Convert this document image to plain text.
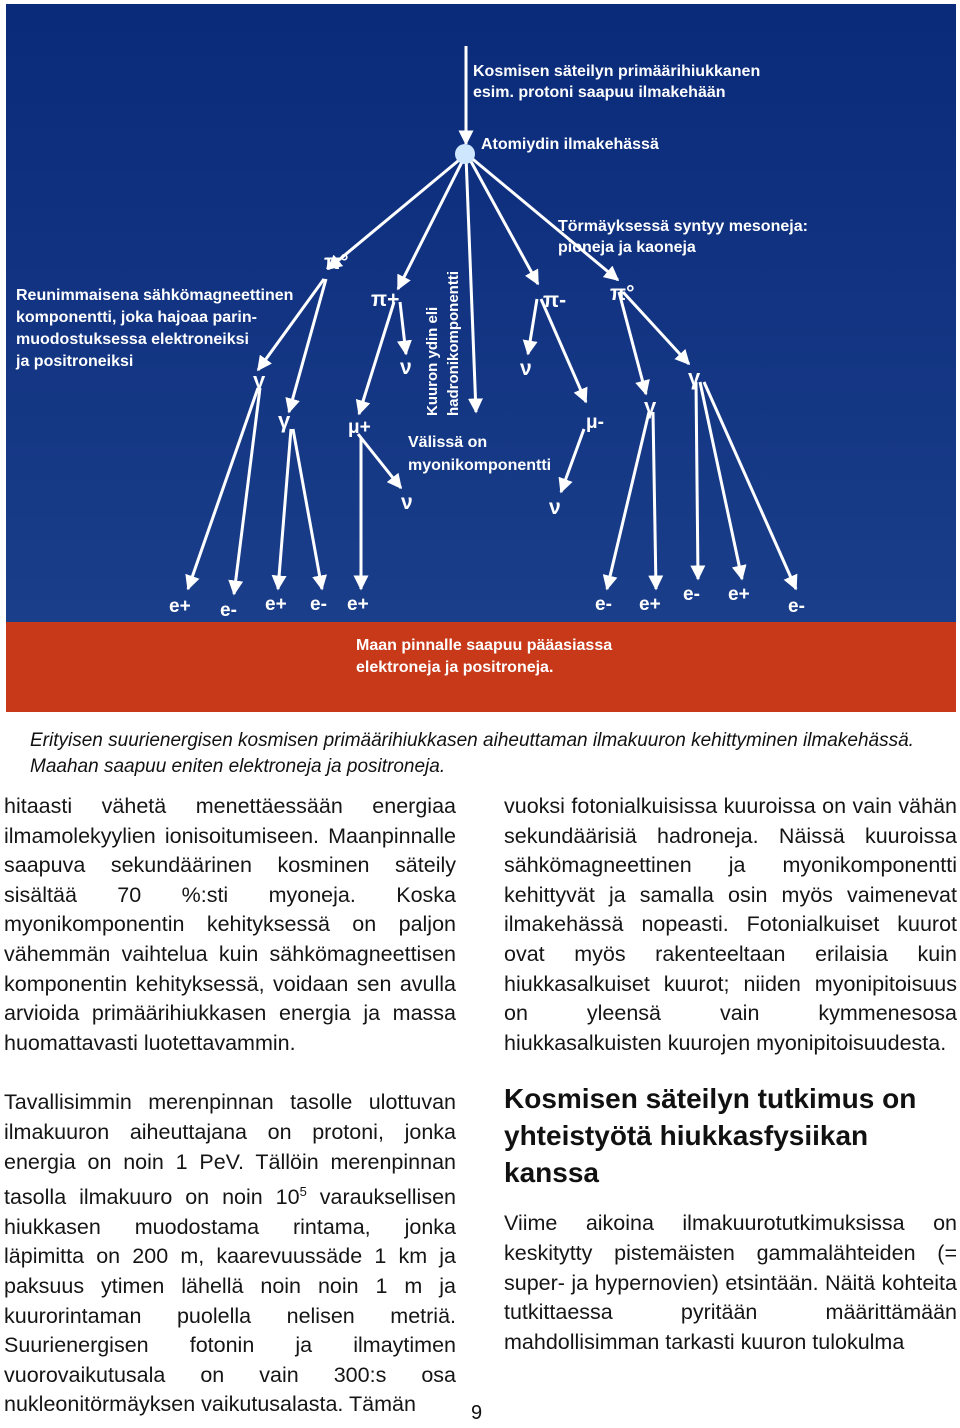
Kosmisen säteilyn primäärihiukkanen
esim. protoni saapuu ilmakehään
Atomiydin ilmakehässä
Törmäyksessä syntyy mesoneja:
pioneja ja kaoneja
Reunimmaisena sähkömagneettinen
komponentti, joka hajoaa parin-
muodostuksessa elektroneiksi
ja positroneiksi	Kuuron ydin eli hadronikomponentti
Välissä on
myonikomponentti
Maan pinnalle saapuu pääasiassa
elektroneja ja positroneja.
π°
π+	π- π°
γ
γ
γ
γ
μ+	μ-
ν
ν
ν
ν
e+ e- e+ e- e+	e- e+ e- e+
e-
Erityisen suurienergisen kosmisen primäärihiukkasen aiheuttaman ilmakuuron kehittyminen ilmakehässä. Maahan saapuu eniten elektroneja ja positroneja.

hitaasti vähetä menettäessään energiaa ilmamolekyylien ionisoitumiseen. Maanpinnalle saapuva sekundäärinen kosminen säteily sisältää 70 %:sti myoneja. Koska myonikomponentin kehityksessä on paljon vähemmän vaihtelua kuin sähkömagneettisen komponentin kehityksessä, voidaan sen avulla arvioida primäärihiukkasen energia ja massa huomattavasti luotettavammin.

Tavallisimmin merenpinnan tasolle ulottuvan ilmakuuron aiheuttajana on protoni, jonka energia on noin 1 PeV. Tällöin merenpinnan tasolla ilmakuuro on noin $10^5$ varauksellisen hiukkasen muodostama rintama, jonka läpimitta on 200 m, kaarevuussäde 1 km ja paksuus ytimen lähellä noin noin 1 m ja kuurorintaman puolella nelisen metriä. Suurienergisen fotonin ja ilmaytimen vuorovaikutusala on vain 300:s osa nukleonitörmäyksen vaikutusalasta. Tämän

vuoksi fotonialkuisissa kuuroissa on vain vähän sekundäärisiä hadroneja. Näissä kuuroissa sähkömagneettinen ja myonikomponentti kehittyvät ja samalla osin myös vaimenevat ilmakehässä nopeasti. Fotonialkuiset kuurot ovat myös rakenteeltaan erilaisia kuin hiukkasalkuiset kuurot; niiden myonipitoisuus on yleensä vain kymmenesosa hiukkasalkuisten kuurojen myonipitoisuudesta.

Kosmisen säteilyn tutkimus on yhteistyötä hiukkasfysiikan kanssa

Viime aikoina ilmakuurotutkimuksissa on keskitytty pistemäisten gammalähteiden (= super- ja hypernovien) etsintään. Näitä kohteita tutkittaessa pyritään määrittämään mahdollisimman tarkasti kuuron tulokulma

9
